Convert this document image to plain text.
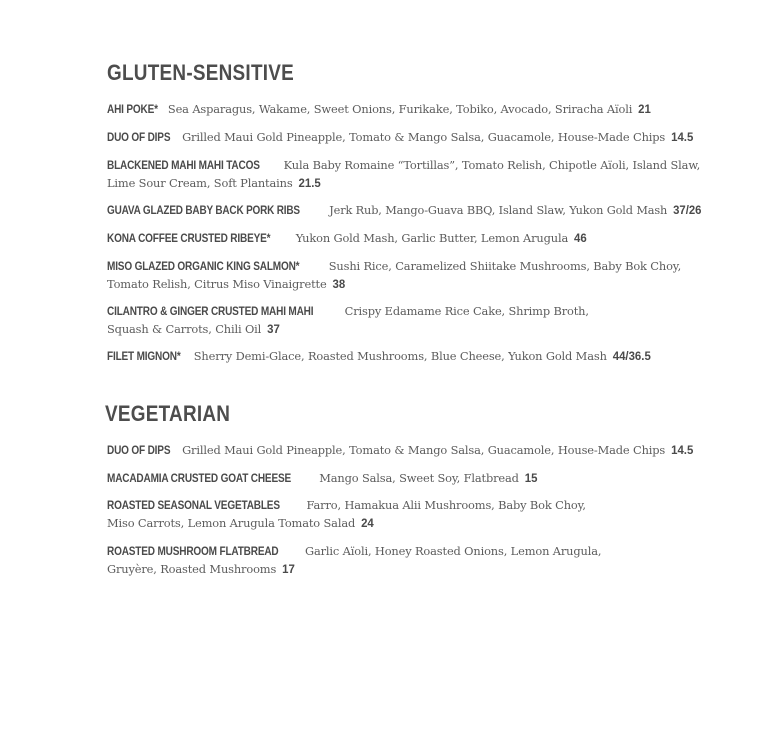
GLUTEN-SENSITIVE
AHI POKE* Sea Asparagus, Wakame, Sweet Onions, Furikake, Tobiko, Avocado, Sriracha Aïoli 21
DUO OF DIPS Grilled Maui Gold Pineapple, Tomato & Mango Salsa, Guacamole, House-Made Chips 14.5
BLACKENED MAHI MAHI TACOS Kula Baby Romaine “Tortillas”, Tomato Relish, Chipotle Aïoli, Island Slaw, Lime Sour Cream, Soft Plantains 21.5
GUAVA GLAZED BABY BACK PORK RIBS	Jerk Rub, Mango-Guava BBQ, Island Slaw, Yukon Gold Mash 37/26
KONA COFFEE CRUSTED RIBEYE* Yukon Gold Mash, Garlic Butter, Lemon Arugula 46
MISO GLAZED ORGANIC KING SALMON*	Sushi Rice, Caramelized Shiitake Mushrooms, Baby Bok Choy, Tomato Relish, Citrus Miso Vinaigrette 38
CILANTRO & GINGER CRUSTED MAHI MAHI	Crispy Edamame Rice Cake, Shrimp Broth, Squash & Carrots, Chili Oil 37
FILET MIGNON* Sherry Demi-Glace, Roasted Mushrooms, Blue Cheese, Yukon Gold Mash 44/36.5
VEGETARIAN
DUO OF DIPS Grilled Maui Gold Pineapple, Tomato & Mango Salsa, Guacamole, House-Made Chips 14.5
MACADAMIA CRUSTED GOAT CHEESE Mango Salsa, Sweet Soy, Flatbread 15
ROASTED SEASONAL VEGETABLES Farro, Hamakua Alii Mushrooms, Baby Bok Choy, Miso Carrots, Lemon Arugula Tomato Salad 24
ROASTED MUSHROOM FLATBREAD Garlic Aïoli, Honey Roasted Onions, Lemon Arugula, Gruyère, Roasted Mushrooms 17
